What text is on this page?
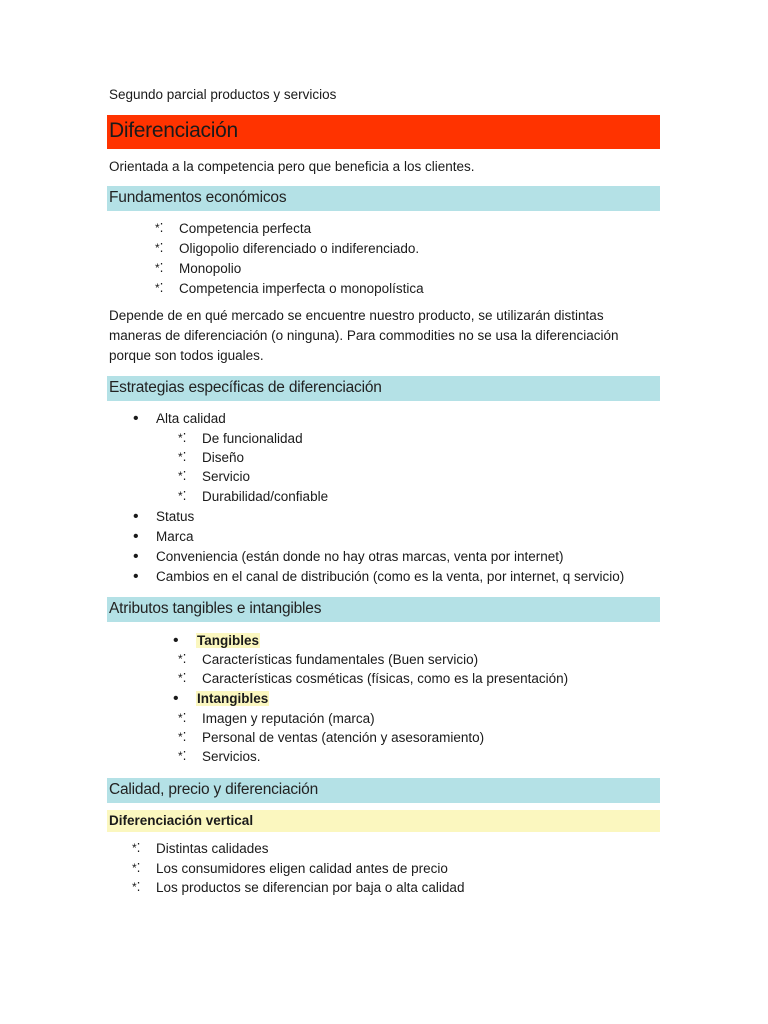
Segundo parcial productos y servicios
Diferenciación
Orientada a la competencia pero que beneficia a los clientes.
Fundamentos económicos
*⁚ Competencia perfecta
*⁚ Oligopolio diferenciado o indiferenciado.
*⁚ Monopolio
*⁚ Competencia imperfecta o monopolística
Depende de en qué mercado se encuentre nuestro producto, se utilizarán distintas
maneras de diferenciación (o ninguna). Para commodities no se usa la diferenciación
porque son todos iguales.
Estrategias específicas de diferenciación
• Alta calidad
*⁚ De funcionalidad
*⁚ Diseño
*⁚ Servicio
*⁚ Durabilidad/confiable
• Status
• Marca
• Conveniencia (están donde no hay otras marcas, venta por internet)
• Cambios en el canal de distribución (como es la venta, por internet, q servicio)
Atributos tangibles e intangibles
• Tangibles
*⁚ Características fundamentales (Buen servicio)
*⁚ Características cosméticas (físicas, como es la presentación)
• Intangibles
*⁚ Imagen y reputación (marca)
*⁚ Personal de ventas (atención y asesoramiento)
*⁚ Servicios.
Calidad, precio y diferenciación
Diferenciación vertical
*⁚ Distintas calidades
*⁚ Los consumidores eligen calidad antes de precio
*⁚ Los productos se diferencian por baja o alta calidad
